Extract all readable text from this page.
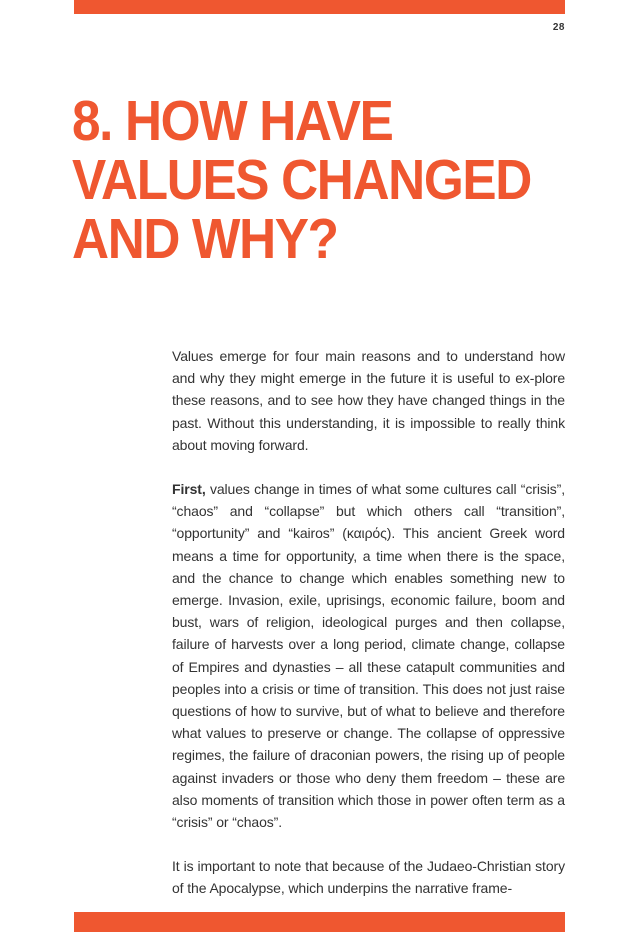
28
8. HOW HAVE
VALUES CHANGED
AND WHY?

Values emerge for four main reasons and to understand how and why they might emerge in the future it is useful to ex-plore these reasons, and to see how they have changed things in the past. Without this understanding, it is impossible to really think about moving forward.

First, values change in times of what some cultures call “crisis”, “chaos” and “collapse” but which others call “transition”, “opportunity” and “kairos” (καιρός). This ancient Greek word means a time for opportunity, a time when there is the space, and the chance to change which enables something new to emerge. Invasion, exile, uprisings, economic failure, boom and bust, wars of religion, ideological purges and then collapse, failure of harvests over a long period, climate change, collapse of Empires and dynasties – all these catapult communities and peoples into a crisis or time of transition. This does not just raise questions of how to survive, but of what to believe and therefore what values to preserve or change. The collapse of oppressive regimes, the failure of draconian powers, the rising up of people against invaders or those who deny them freedom – these are also moments of transition which those in power often term as a “crisis” or “chaos”.

It is important to note that because of the Judaeo-Christian story of the Apocalypse, which underpins the narrative frame-
